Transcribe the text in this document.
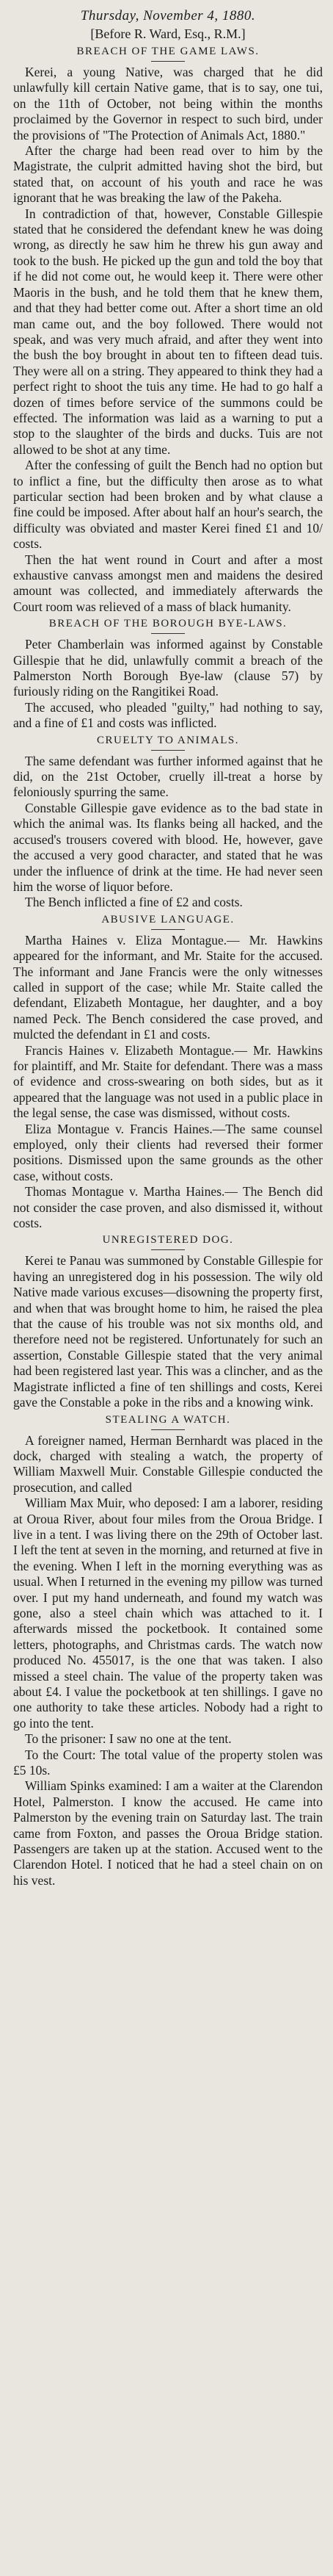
Thursday, November 4, 1880.
[Before R. Ward, Esq., R.M.]
BREACH OF THE GAME LAWS.

Kerei, a young Native, was charged that he did unlawfully kill certain Native game, that is to say, one tui, on the 11th of October, not being within the months proclaimed by the Governor in respect to such bird, under the provisions of "The Protection of Animals Act, 1880."

After the charge had been read over to him by the Magistrate, the culprit admitted having shot the bird, but stated that, on account of his youth and race he was ignorant that he was breaking the law of the Pakeha.

In contradiction of that, however, Constable Gillespie stated that he considered the defendant knew he was doing wrong, as directly he saw him he threw his gun away and took to the bush. He picked up the gun and told the boy that if he did not come out, he would keep it. There were other Maoris in the bush, and he told them that he knew them, and that they had better come out. After a short time an old man came out, and the boy followed. There would not speak, and was very much afraid, and after they went into the bush the boy brought in about ten to fifteen dead tuis. They were all on a string. They appeared to think they had a perfect right to shoot the tuis any time. He had to go half a dozen of times before service of the summons could be effected. The information was laid as a warning to put a stop to the slaughter of the birds and ducks. Tuis are not allowed to be shot at any time.

After the confessing of guilt the Bench had no option but to inflict a fine, but the difficulty then arose as to what particular section had been broken and by what clause a fine could be imposed. After about half an hour's search, the difficulty was obviated and master Kerei fined £1 and 10/ costs.

Then the hat went round in Court and after a most exhaustive canvass amongst men and maidens the desired amount was collected, and immediately afterwards the Court room was relieved of a mass of black humanity.

BREACH OF THE BOROUGH BYE-LAWS.

Peter Chamberlain was informed against by Constable Gillespie that he did, unlawfully commit a breach of the Palmerston North Borough Bye-law (clause 57) by furiously riding on the Rangitikei Road.

The accused, who pleaded "guilty," had nothing to say, and a fine of £1 and costs was inflicted.

CRUELTY TO ANIMALS.

The same defendant was further informed against that he did, on the 21st October, cruelly ill-treat a horse by feloniously spurring the same.

Constable Gillespie gave evidence as to the bad state in which the animal was. Its flanks being all hacked, and the accused's trousers covered with blood. He, however, gave the accused a very good character, and stated that he was under the influence of drink at the time. He had never seen him the worse of liquor before.

The Bench inflicted a fine of £2 and costs.

ABUSIVE LANGUAGE.

Martha Haines v. Eliza Montague.— Mr. Hawkins appeared for the informant, and Mr. Staite for the accused. The informant and Jane Francis were the only witnesses called in support of the case; while Mr. Staite called the defendant, Elizabeth Montague, her daughter, and a boy named Peck. The Bench considered the case proved, and mulcted the defendant in £1 and costs.

Francis Haines v. Elizabeth Montague.— Mr. Hawkins for plaintiff, and Mr. Staite for defendant. There was a mass of evidence and cross-swearing on both sides, but as it appeared that the language was not used in a public place in the legal sense, the case was dismissed, without costs.

Eliza Montague v. Francis Haines.—The same counsel employed, only their clients had reversed their former positions. Dismissed upon the same grounds as the other case, without costs.

Thomas Montague v. Martha Haines.— The Bench did not consider the case proven, and also dismissed it, without costs.

UNREGISTERED DOG.

Kerei te Panau was summoned by Constable Gillespie for having an unregistered dog in his possession. The wily old Native made various excuses—disowning the property first, and when that was brought home to him, he raised the plea that the cause of his trouble was not six months old, and therefore need not be registered. Unfortunately for such an assertion, Constable Gillespie stated that the very animal had been registered last year. This was a clincher, and as the Magistrate inflicted a fine of ten shillings and costs, Kerei gave the Constable a poke in the ribs and a knowing wink.

STEALING A WATCH.

A foreigner named, Herman Bernhardt was placed in the dock, charged with stealing a watch, the property of William Maxwell Muir. Constable Gillespie conducted the prosecution, and called

William Max Muir, who deposed: I am a laborer, residing at Oroua River, about four miles from the Oroua Bridge. I live in a tent. I was living there on the 29th of October last. I left the tent at seven in the morning, and returned at five in the evening. When I left in the morning everything was as usual. When I returned in the evening my pillow was turned over. I put my hand underneath, and found my watch was gone, also a steel chain which was attached to it. I afterwards missed the pocketbook. It contained some letters, photographs, and Christmas cards. The watch now produced No. 455017, is the one that was taken. I also missed a steel chain. The value of the property taken was about £4. I value the pocketbook at ten shillings. I gave no one authority to take these articles. Nobody had a right to go into the tent.

To the prisoner: I saw no one at the tent.

To the Court: The total value of the property stolen was £5 10s.

William Spinks examined: I am a waiter at the Clarendon Hotel, Palmerston. I know the accused. He came into Palmerston by the evening train on Saturday last. The train came from Foxton, and passes the Oroua Bridge station. Passengers are taken up at the station. Accused went to the Clarendon Hotel. I noticed that he had a steel chain on on his vest.
